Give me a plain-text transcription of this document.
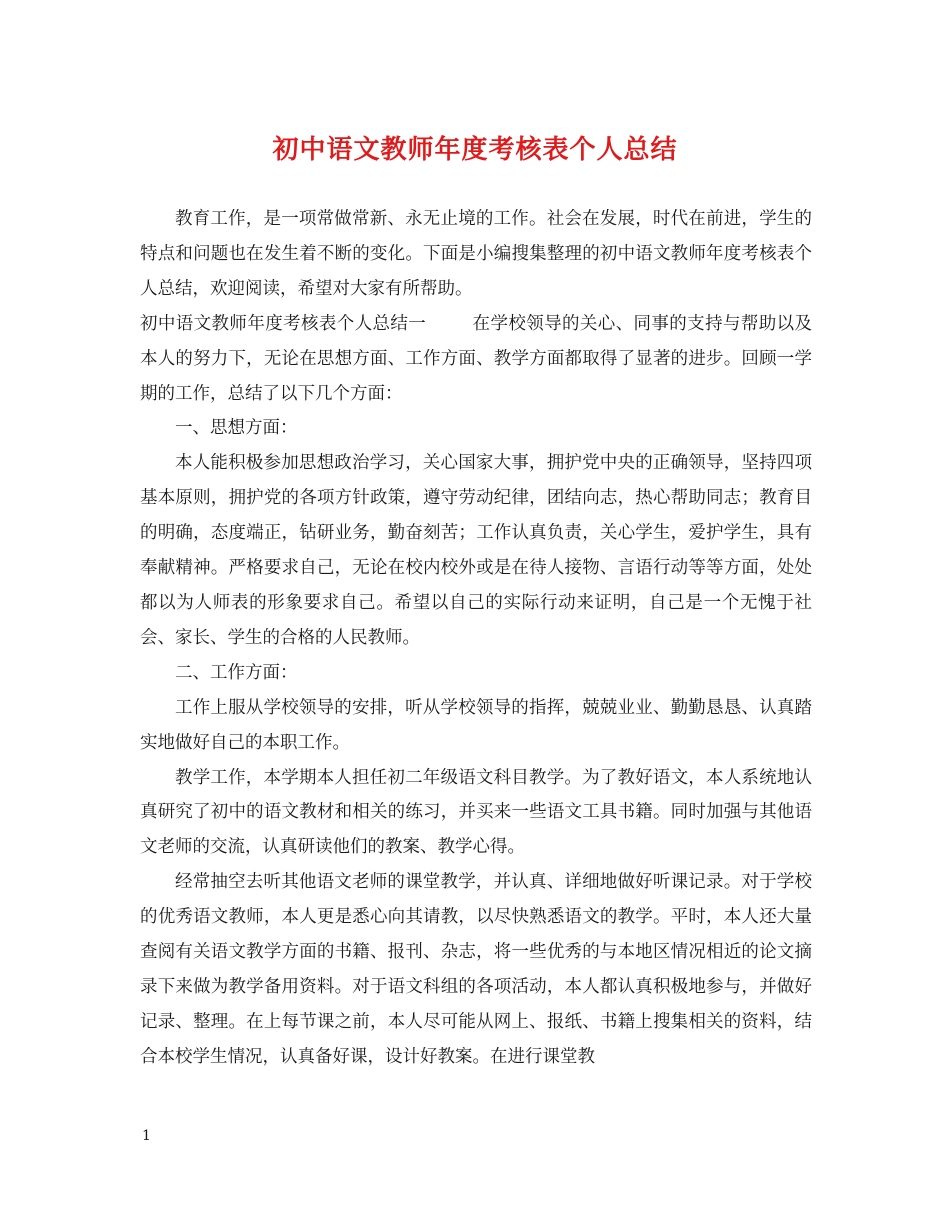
初中语文教师年度考核表个人总结

教育工作，是一项常做常新、永无止境的工作。社会在发展，时代在前进，学生的特点和问题也在发生着不断的变化。下面是小编搜集整理的初中语文教师年度考核表个人总结，欢迎阅读，希望对大家有所帮助。

初中语文教师年度考核表个人总结一	在学校领导的关心、同事的支持与帮助以及本人的努力下，无论在思想方面、工作方面、教学方面都取得了显著的进步。回顾一学期的工作，总结了以下几个方面：

一、思想方面：

本人能积极参加思想政治学习，关心国家大事，拥护党中央的正确领导，坚持四项基本原则，拥护党的各项方针政策，遵守劳动纪律，团结向志，热心帮助同志；教育目的明确，态度端正，钻研业务，勤奋刻苦；工作认真负责，关心学生，爱护学生，具有奉献精神。严格要求自己，无论在校内校外或是在待人接物、言语行动等等方面，处处都以为人师表的形象要求自己。希望以自己的实际行动来证明，自己是一个无愧于社会、家长、学生的合格的人民教师。

二、工作方面：

工作上服从学校领导的安排，听从学校领导的指挥，兢兢业业、勤勤恳恳、认真踏实地做好自己的本职工作。

教学工作，本学期本人担任初二年级语文科目教学。为了教好语文，本人系统地认真研究了初中的语文教材和相关的练习，并买来一些语文工具书籍。同时加强与其他语文老师的交流，认真研读他们的教案、教学心得。

经常抽空去听其他语文老师的课堂教学，并认真、详细地做好听课记录。对于学校的优秀语文教师，本人更是悉心向其请教，以尽快熟悉语文的教学。平时，本人还大量查阅有关语文教学方面的书籍、报刊、杂志，将一些优秀的与本地区情况相近的论文摘录下来做为教学备用资料。对于语文科组的各项活动，本人都认真积极地参与，并做好记录、整理。在上每节课之前，本人尽可能从网上、报纸、书籍上搜集相关的资料，结合本校学生情况，认真备好课，设计好教案。在进行课堂教

1
